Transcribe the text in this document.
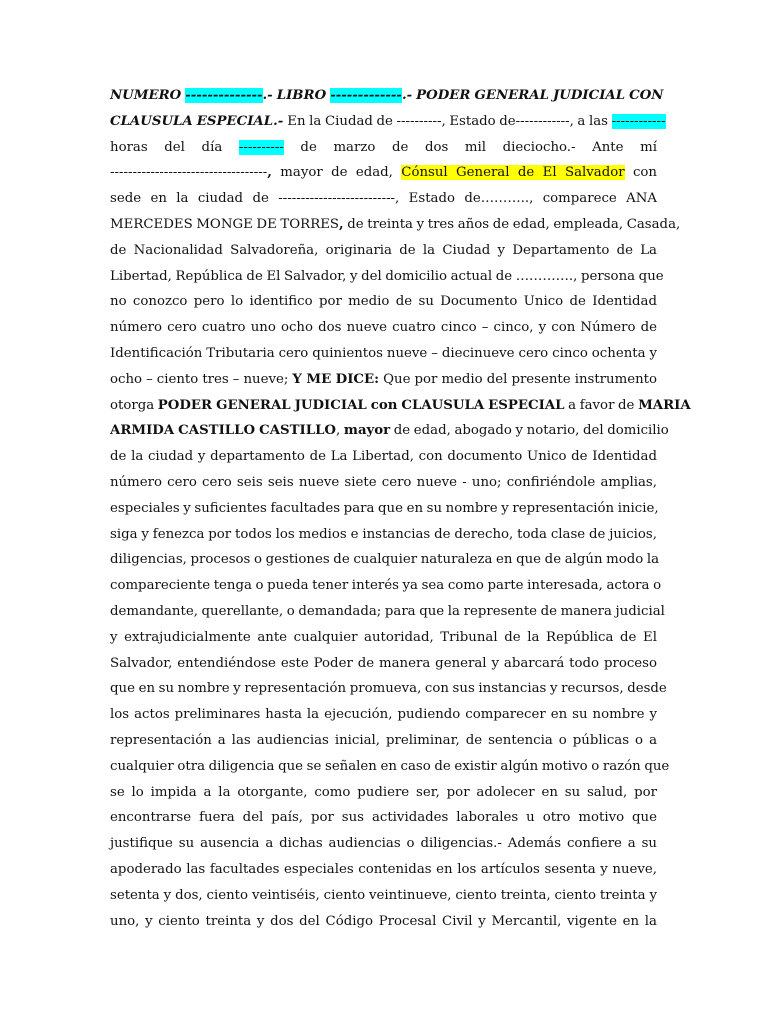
NUMERO --------------.- LIBRO -------------.- PODER GENERAL JUDICIAL CON
CLAUSULA ESPECIAL.- En la Ciudad de ----------, Estado de------------, a las ------------
horas del día ---------- de marzo de dos mil dieciocho.- Ante mí
-----------------------------------, mayor de edad, Cónsul General de El Salvador con
sede en la ciudad de --------------------------, Estado de……….., comparece ANA
MERCEDES MONGE DE TORRES, de treinta y tres años de edad, empleada, Casada,
de Nacionalidad Salvadoreña, originaria de la Ciudad y Departamento de La
Libertad, República de El Salvador, y del domicilio actual de …………., persona que
no conozco pero lo identifico por medio de su Documento Unico de Identidad
número cero cuatro uno ocho dos nueve cuatro cinco – cinco, y con Número de
Identificación Tributaria cero quinientos nueve – diecinueve cero cinco ochenta y
ocho – ciento tres – nueve; Y ME DICE: Que por medio del presente instrumento
otorga PODER GENERAL JUDICIAL con CLAUSULA ESPECIAL a favor de MARIA
ARMIDA CASTILLO CASTILLO, mayor de edad, abogado y notario, del domicilio
de la ciudad y departamento de La Libertad, con documento Unico de Identidad
número cero cero seis seis nueve siete cero nueve - uno; confiriéndole amplias,
especiales y suficientes facultades para que en su nombre y representación inicie,
siga y fenezca por todos los medios e instancias de derecho, toda clase de juicios,
diligencias, procesos o gestiones de cualquier naturaleza en que de algún modo la
compareciente tenga o pueda tener interés ya sea como parte interesada, actora o
demandante, querellante, o demandada; para que la represente de manera judicial
y extrajudicialmente ante cualquier autoridad, Tribunal de la República de El
Salvador, entendiéndose este Poder de manera general y abarcará todo proceso
que en su nombre y representación promueva, con sus instancias y recursos, desde
los actos preliminares hasta la ejecución, pudiendo comparecer en su nombre y
representación a las audiencias inicial, preliminar, de sentencia o públicas o a
cualquier otra diligencia que se señalen en caso de existir algún motivo o razón que
se lo impida a la otorgante, como pudiere ser, por adolecer en su salud, por
encontrarse fuera del país, por sus actividades laborales u otro motivo que
justifique su ausencia a dichas audiencias o diligencias.- Además confiere a su
apoderado las facultades especiales contenidas en los artículos sesenta y nueve,
setenta y dos, ciento veintiséis, ciento veintinueve, ciento treinta, ciento treinta y
uno, y ciento treinta y dos del Código Procesal Civil y Mercantil, vigente en la
